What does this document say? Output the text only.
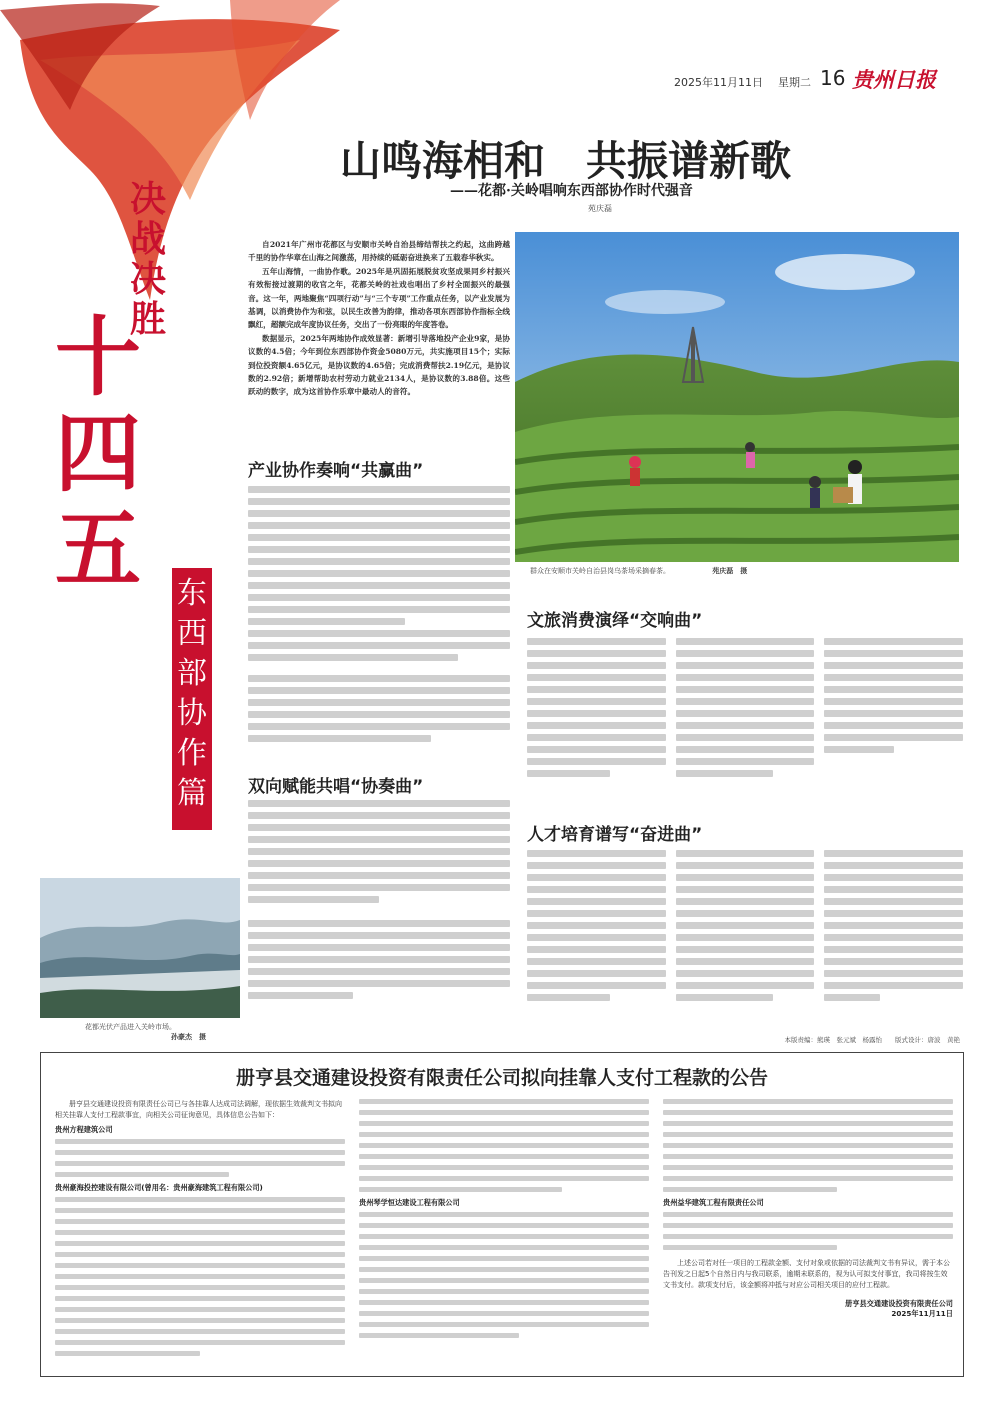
2025年11月11日 星期二 16 贵州日报
决战决胜
十四五	东西部协作篇
山鸣海相和　共振谱新歌
——花都·关岭唱响东西部协作时代强音
苑庆磊

自2021年广州市花都区与安顺市关岭自治县缔结帮扶之约起，这曲跨越千里的协作华章在山海之间激荡，用持续的砥砺奋进换来了五载春华秋实。

五年山海情，一曲协作歌。2025年是巩固拓展脱贫攻坚成果同乡村振兴有效衔接过渡期的收官之年，花都关岭的社戏也唱出了乡村全面振兴的最强音。这一年，两地聚焦“四项行动”与“三个专项”工作重点任务，以产业发展为基调，以消费协作为和弦，以民生改善为韵律，推动各项东西部协作指标全线飘红，超额完成年度协议任务，交出了一份亮眼的年度答卷。

数据显示，2025年两地协作成效显著：新增引导落地投产企业9家，是协议数的4.5倍；今年到位东西部协作资金5080万元，共实施项目15个；实际到位投资额4.65亿元，是协议数的4.65倍；完成消费帮扶2.19亿元，是协议数的2.92倍；新增帮助农村劳动力就业2134人，是协议数的3.88倍。这些跃动的数字，成为这首协作乐章中最动人的音符。

群众在安顺市关岭自治县岗乌茶场采摘春茶。	苑庆磊　摄
产业协作奏响“共赢曲”
双向赋能共唱“协奏曲”
花都光伏产品进入关岭市场。
孙豪杰　摄
文旅消费演绎“交响曲”
人才培育谱写“奋进曲”
本版责编：熊瑛　张元斌　杨露怡　　版式设计：唐波　黄艳
册亨县交通建设投资有限责任公司拟向挂靠人支付工程款的公告
册亨县交通建设投资有限责任公司已与各挂靠人达成司法调解，现依据生效裁判文书拟向相关挂靠人支付工程款事宜，向相关公司征询意见，具体信息公告如下：
贵州方程建筑公司
贵州豪海投控建设有限公司(曾用名：贵州豪海建筑工程有限公司)
贵州琴学恒达建设工程有限公司	贵州益华建筑工程有限责任公司
上述公司若对任一项目的工程款金额、支付对象或依据的司法裁判文书有异议，需于本公告刊发之日起5个自然日内与我司联系，逾期未联系的，视为认可拟支付事宜，我司将按生效文书支付。款项支付后，该金额将冲抵与对应公司相关项目的应付工程款。
册亨县交通建设投资有限责任公司
2025年11月11日
